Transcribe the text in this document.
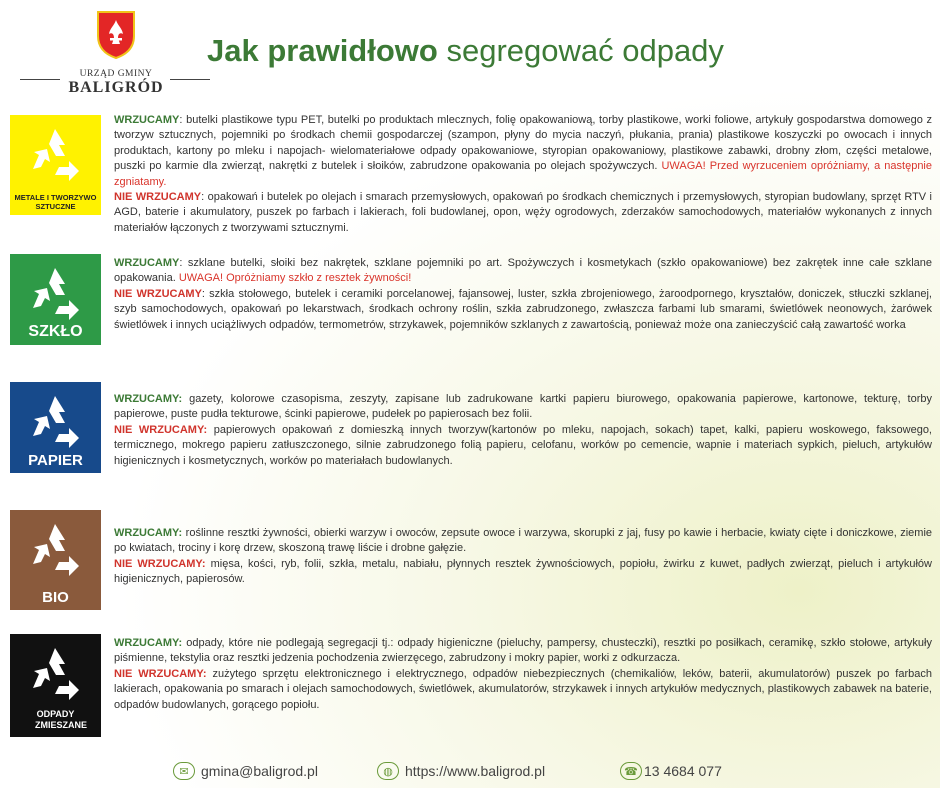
URZĄD GMINY
BALIGRÓD
Jak prawidłowo segregować odpady
METALE I TWORZYWO SZTUCZNE
WRZUCAMY: butelki plastikowe typu PET, butelki po produktach mlecznych, folię opakowaniową, torby plastikowe, worki foliowe, artykuły gospodarstwa domowego z tworzyw sztucznych, pojemniki po środkach chemii gospodarczej (szampon, płyny do mycia naczyń, płukania, prania) plastikowe koszyczki po owocach i innych produktach, kartony po mleku i napojach- wielomateriałowe odpady opakowaniowe, styropian opakowaniowy, plastikowe zabawki, drobny złom, części metalowe, puszki po karmie dla zwierząt, nakrętki z butelek i słoików, zabrudzone opakowania po olejach spożywczych. UWAGA! Przed wyrzuceniem opróżniamy, a następnie zgniatamy.
NIE WRZUCAMY: opakowań i butelek po olejach i smarach przemysłowych, opakowań po środkach chemicznych i przemysłowych, styropian budowlany, sprzęt RTV i AGD, baterie i akumulatory, puszek po farbach i lakierach, foli budowlanej, opon, węży ogrodowych, zderzaków samochodowych, materiałów wykonanych z innych materiałów łączonych z tworzywami sztucznymi.
SZKŁO
WRZUCAMY: szklane butelki, słoiki bez nakrętek, szklane pojemniki po art. Spożywczych i kosmetykach (szkło opakowaniowe) bez zakrętek inne całe szklane opakowania. UWAGA! Opróżniamy szkło z resztek żywności!
NIE WRZUCAMY: szkła stołowego, butelek i ceramiki porcelanowej, fajansowej, luster, szkła zbrojeniowego, żaroodpornego, kryształów, doniczek, stłuczki szklanej, szyb samochodowych, opakowań po lekarstwach, środkach ochrony roślin, szkła zabrudzonego, zwłaszcza farbami lub smarami, świetlówek neonowych, żarówek świetlówek i innych uciążliwych odpadów, termometrów, strzykawek, pojemników szklanych z zawartością, ponieważ może ona zanieczyścić całą zawartość worka
PAPIER
WRZUCAMY: gazety, kolorowe czasopisma, zeszyty, zapisane lub zadrukowane kartki papieru biurowego, opakowania papierowe, kartonowe, tekturę, torby papierowe, puste pudła tekturowe, ścinki papierowe, pudełek po papierosach bez folii.
NIE WRZUCAMY: papierowych opakowań z domieszką innych tworzyw(kartonów po mleku, napojach, sokach) tapet, kalki, papieru woskowego, faksowego, termicznego, mokrego papieru zatłuszczonego, silnie zabrudzonego folią papieru, celofanu, worków po cemencie, wapnie i materiach sypkich, pieluch, artykułów higienicznych i kosmetycznych, worków po materiałach budowlanych.
BIO
WRZUCAMY: roślinne resztki żywności, obierki warzyw i owoców, zepsute owoce i warzywa, skorupki z jaj, fusy po kawie i herbacie, kwiaty cięte i doniczkowe, ziemie po kwiatach, trociny i korę drzew, skoszoną trawę liście i drobne gałęzie.
NIE WRZUCAMY: mięsa, kości, ryb, folii, szkła, metalu, nabiału, płynnych resztek żywnościowych, popiołu, żwirku z kuwet, padłych zwierząt, pieluch i artykułów higienicznych, papierosów.
ODPADY ZMIESZANE
WRZUCAMY: odpady, które nie podlegają segregacji tj.: odpady higieniczne (pieluchy, pampersy, chusteczki), resztki po posiłkach, ceramikę, szkło stołowe, artykuły piśmienne, tekstylia oraz resztki jedzenia pochodzenia zwierzęcego, zabrudzony i mokry papier, worki z odkurzacza.
NIE WRZUCAMY: zużytego sprzętu elektronicznego i elektrycznego, odpadów niebezpiecznych (chemikaliów, leków, baterii, akumulatorów) puszek po farbach lakierach, opakowania po smarach i olejach samochodowych, świetlówek, akumulatorów, strzykawek i innych artykułów medycznych, plastikowych zabawek na baterie, odpadów budowlanych, gorącego popiołu.
✉ gmina@baligrod.pl	◍ https://www.baligrod.pl	☎ 13 4684 077
